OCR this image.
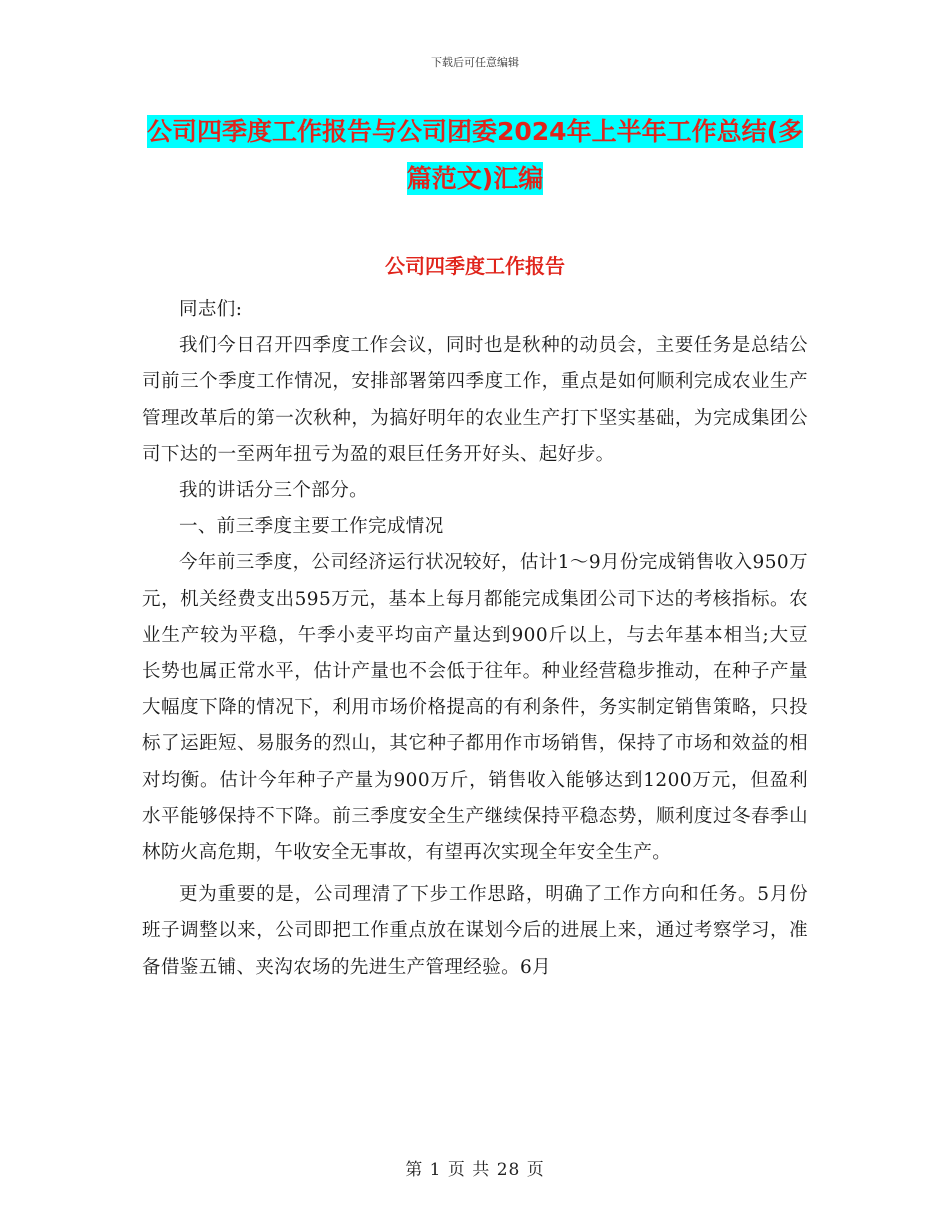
下载后可任意编辑
公司四季度工作报告与公司团委2024年上半年工作总结(多篇范文)汇编
公司四季度工作报告

同志们:

我们今日召开四季度工作会议，同时也是秋种的动员会，主要任务是总结公司前三个季度工作情况，安排部署第四季度工作，重点是如何顺利完成农业生产管理改革后的第一次秋种，为搞好明年的农业生产打下坚实基础，为完成集团公司下达的一至两年扭亏为盈的艰巨任务开好头、起好步。

我的讲话分三个部分。

一、前三季度主要工作完成情况

今年前三季度，公司经济运行状况较好，估计1～9月份完成销售收入950万元，机关经费支出595万元，基本上每月都能完成集团公司下达的考核指标。农业生产较为平稳，午季小麦平均亩产量达到900斤以上，与去年基本相当;大豆长势也属正常水平，估计产量也不会低于往年。种业经营稳步推动，在种子产量大幅度下降的情况下，利用市场价格提高的有利条件，务实制定销售策略，只投标了运距短、易服务的烈山，其它种子都用作市场销售，保持了市场和效益的相对均衡。估计今年种子产量为900万斤，销售收入能够达到1200万元，但盈利水平能够保持不下降。前三季度安全生产继续保持平稳态势，顺利度过冬春季山林防火高危期，午收安全无事故，有望再次实现全年安全生产。

更为重要的是，公司理清了下步工作思路，明确了工作方向和任务。5月份班子调整以来，公司即把工作重点放在谋划今后的进展上来，通过考察学习，准备借鉴五铺、夹沟农场的先进生产管理经验。6月

第 1 页 共 28 页
